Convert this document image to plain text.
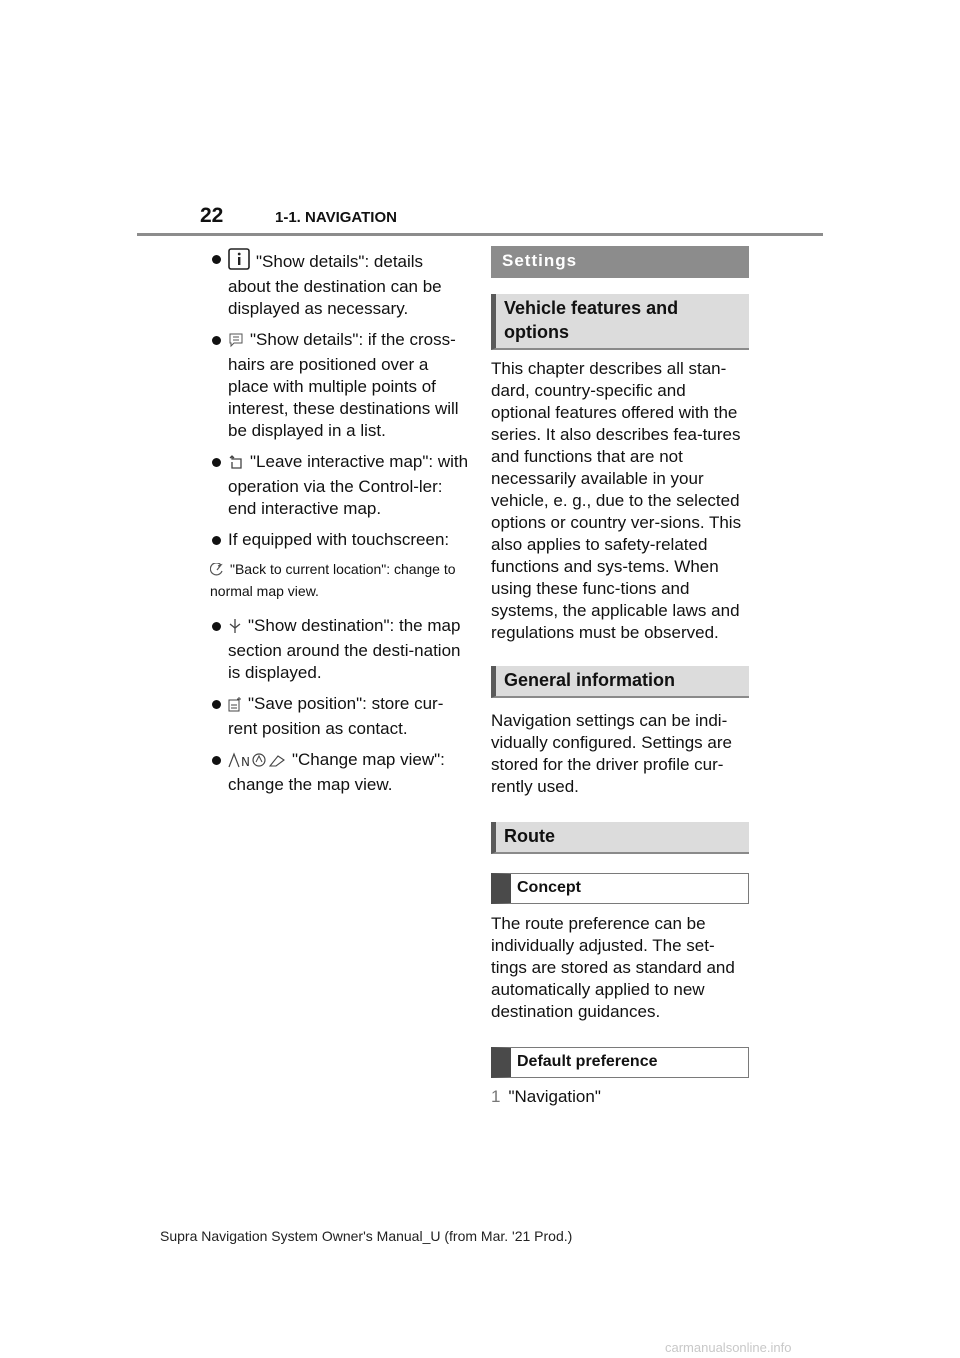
22	1-1. NAVIGATION
"Show details": details about the destination can be displayed as necessary.
"Show details": if the cross-hairs are positioned over a place with multiple points of interest, these destinations will be displayed in a list.
"Leave interactive map": with operation via the Control-ler: end interactive map.
If equipped with touchscreen:
"Back to current location": change to normal map view.
"Show destination": the map section around the desti-nation is displayed.
"Save position": store cur-rent position as contact.
N "Change map view": change the map view.
Settings
Vehicle features and options
This chapter describes all stan-dard, country-specific and optional features offered with the series. It also describes fea-tures and functions that are not necessarily available in your vehicle, e. g., due to the selected options or country ver-sions. This also applies to safety-related functions and sys-tems. When using these func-tions and systems, the applicable laws and regulations must be observed.
General information
Navigation settings can be indi-vidually configured. Settings are stored for the driver profile cur-rently used.
Route
Concept
The route preference can be individually adjusted. The set-tings are stored as standard and automatically applied to new destination guidances.
Default preference
1 "Navigation"
Supra Navigation System Owner's Manual_U (from Mar. '21 Prod.)
carmanualsonline.info
